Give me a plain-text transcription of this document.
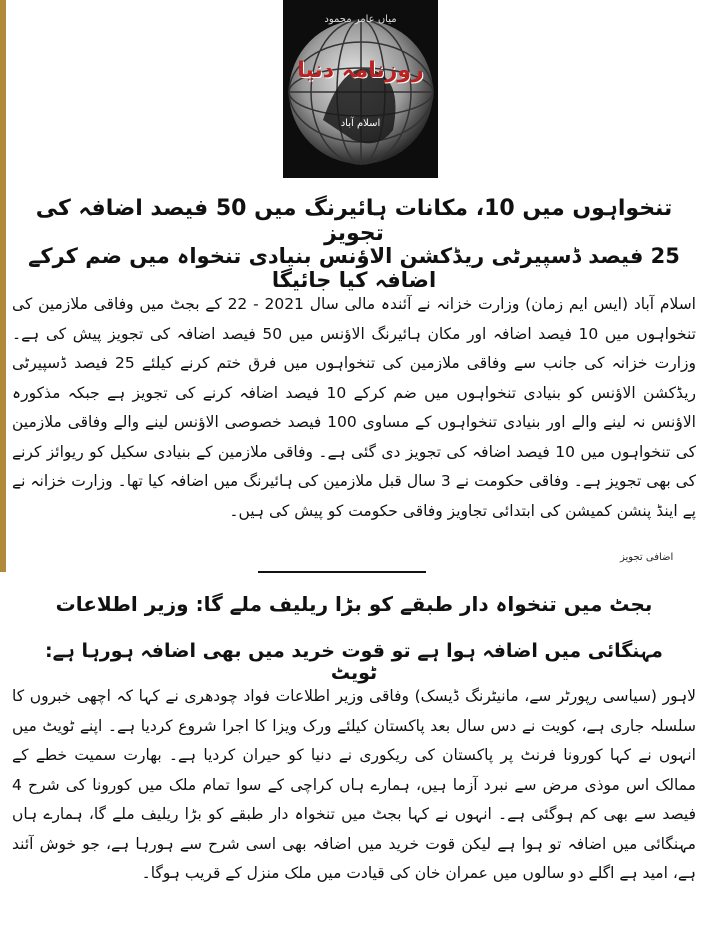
روزنامہ دنیا
میاں عامر محمود
اسلام آباد
تنخواہوں میں 10، مکانات ہائیرنگ میں 50 فیصد اضافہ کی تجویز
25 فیصد ڈسپیرٹی ریڈکشن الاؤنس بنیادی تنخواہ میں ضم کرکے اضافہ کیا جائیگا
اسلام آباد (ایس ایم زمان) وزارت خزانہ نے آئندہ مالی سال 2021 - 22 کے بجٹ میں وفاقی ملازمین کی تنخواہوں میں 10 فیصد اضافہ اور مکان ہائیرنگ الاؤنس میں 50 فیصد اضافہ کی تجویز پیش کی ہے۔ وزارت خزانہ کی جانب سے وفاقی ملازمین کی تنخواہوں میں فرق ختم کرنے کیلئے 25 فیصد ڈسپیرٹی ریڈکشن الاؤنس کو بنیادی تنخواہوں میں ضم کرکے 10 فیصد اضافہ کرنے کی تجویز ہے جبکہ مذکورہ الاؤنس نہ لینے والے اور بنیادی تنخواہوں کے مساوی 100 فیصد خصوصی الاؤنس لینے والے وفاقی ملازمین کی تنخواہوں میں 10 فیصد اضافہ کی تجویز دی گئی ہے۔ وفاقی ملازمین کے بنیادی سکیل کو ریوائز کرنے کی بھی تجویز ہے۔ وفاقی حکومت نے 3 سال قبل ملازمین کی ہائیرنگ میں اضافہ کیا تھا۔ وزارت خزانہ نے پے اینڈ پنشن کمیشن کی ابتدائی تجاویز وفاقی حکومت کو پیش کی ہیں۔
اضافی تجویز
بجٹ میں تنخواہ دار طبقے کو بڑا ریلیف ملے گا: وزیر اطلاعات
مہنگائی میں اضافہ ہوا ہے تو قوت خرید میں بھی اضافہ ہورہا ہے: ٹویٹ
لاہور (سیاسی رپورٹر سے، مانیٹرنگ ڈیسک) وفاقی وزیر اطلاعات فواد چودھری نے کہا کہ اچھی خبروں کا سلسلہ جاری ہے، کویت نے دس سال بعد پاکستان کیلئے ورک ویزا کا اجرا شروع کردیا ہے۔ اپنے ٹویٹ میں انہوں نے کہا کورونا فرنٹ پر پاکستان کی ریکوری نے دنیا کو حیران کردیا ہے۔ بھارت سمیت خطے کے ممالک اس موذی مرض سے نبرد آزما ہیں، ہمارے ہاں کراچی کے سوا تمام ملک میں کورونا کی شرح 4 فیصد سے بھی کم ہوگئی ہے۔ انہوں نے کہا بجٹ میں تنخواہ دار طبقے کو بڑا ریلیف ملے گا، ہمارے ہاں مہنگائی میں اضافہ تو ہوا ہے لیکن قوت خرید میں اضافہ بھی اسی شرح سے ہورہا ہے، جو خوش آئند ہے، امید ہے اگلے دو سالوں میں عمران خان کی قیادت میں ملک منزل کے قریب ہوگا۔
